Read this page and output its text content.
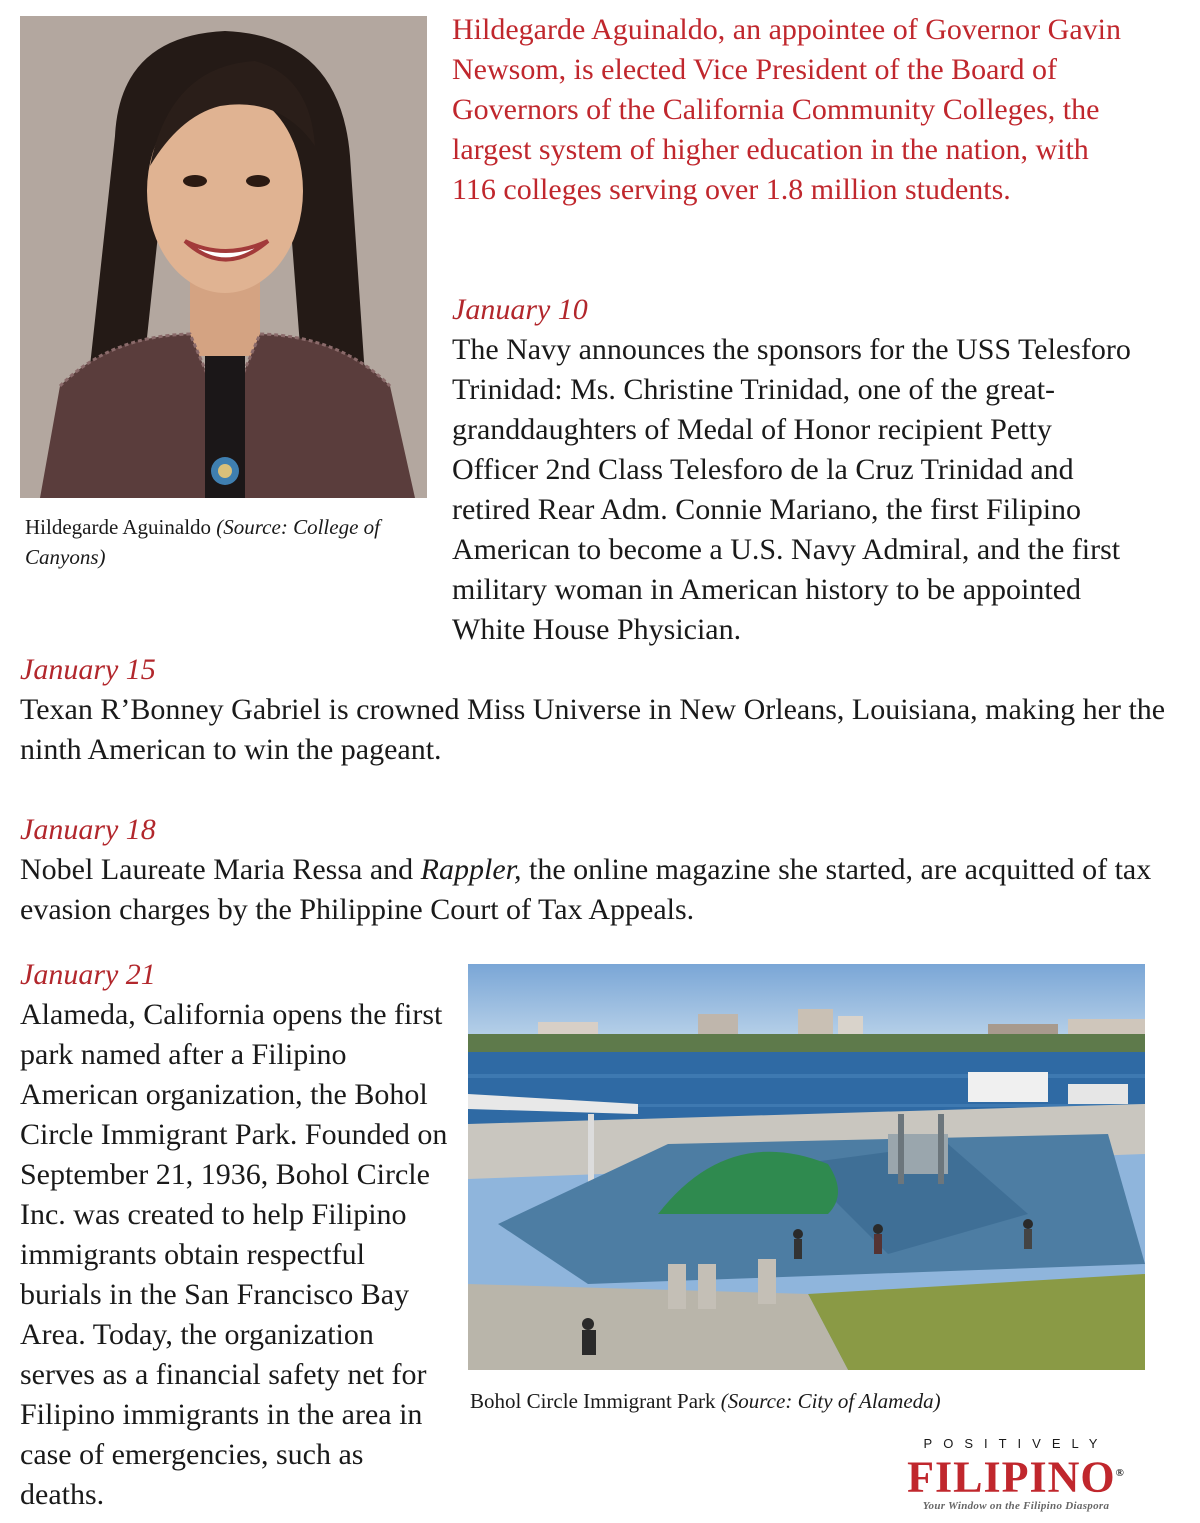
Hildegarde Aguinaldo (Source: College of Canyons)
Hildegarde Aguinaldo, an appointee of Governor Gavin Newsom, is elected Vice President of the Board of Governors of the California Community Colleges, the largest system of higher education in the nation, with 116 colleges serving over 1.8 million students.
January 10
The Navy announces the sponsors for the USS Telesforo Trinidad: Ms. Christine Trinidad, one of the great-granddaughters of Medal of Honor recipient Petty Officer 2nd Class Telesforo de la Cruz Trinidad and retired Rear Adm. Connie Mariano, the first Filipino American to become a U.S. Navy Admiral, and the first military woman in American history to be appointed White House Physician.
January 15
Texan R’Bonney Gabriel is crowned Miss Universe in New Orleans, Louisiana, making her the ninth American to win the pageant.
January 18
Nobel Laureate Maria Ressa and Rappler, the online magazine she started, are acquitted of tax evasion charges by the Philippine Court of Tax Appeals.
January 21
Alameda, California opens the first park named after a Filipino American organization, the Bohol Circle Immigrant Park. Founded on September 21, 1936, Bohol Circle Inc. was created to help Filipino immigrants obtain respectful burials in the San Francisco Bay Area. Today, the organization serves as a financial safety net for Filipino immigrants in the area in case of emergencies, such as deaths.
Bohol Circle Immigrant Park (Source: City of Alameda)
POSITIVELY
FILIPINO®
Your Window on the Filipino Diaspora
